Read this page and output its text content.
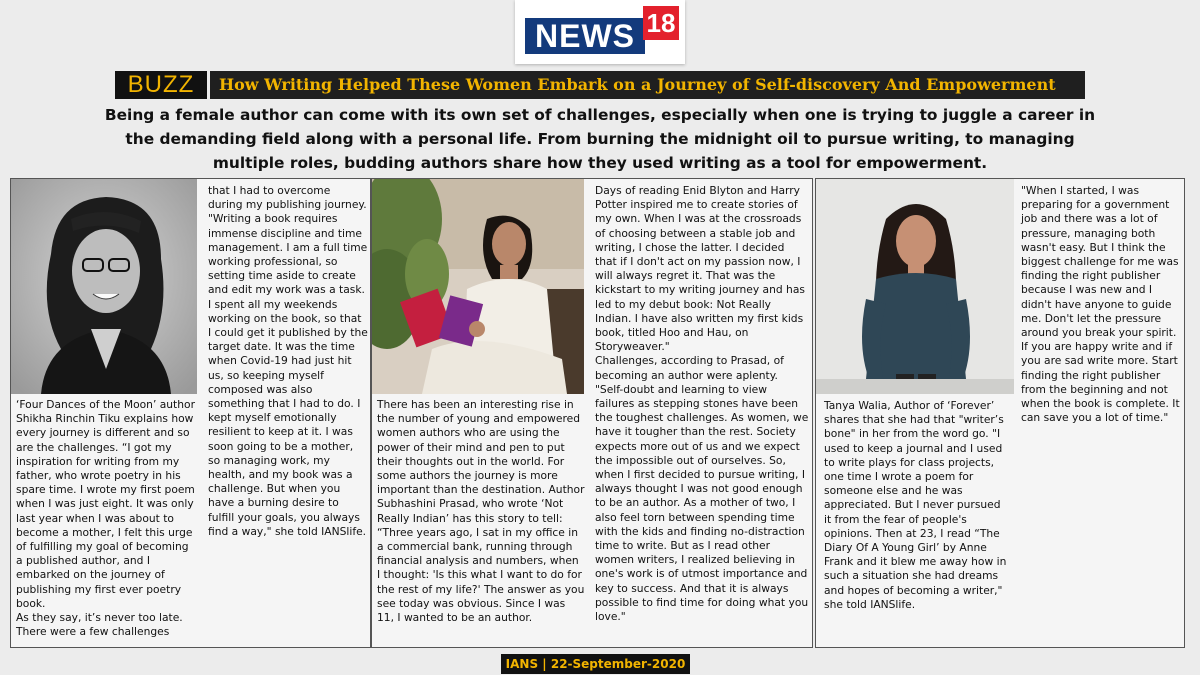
NEWS 18
BUZZ	How Writing Helped These Women Embark on a Journey of Self-discovery And Empowerment
Being a female author can come with its own set of challenges, especially when one is trying to juggle a career in the demanding field along with a personal life. From burning the midnight oil to pursue writing, to managing multiple roles, budding authors share how they used writing as a tool for empowerment.
‘Four Dances of the Moon’ author Shikha Rinchin Tiku explains how every journey is different and so are the challenges. “I got my inspiration for writing from my father, who wrote poetry in his spare time. I wrote my first poem when I was just eight. It was only last year when I was about to become a mother, I felt this urge of fulfilling my goal of becoming a published author, and I embarked on the journey of publishing my first ever poetry book.
As they say, it’s never too late. There were a few challenges
that I had to overcome during my publishing journey.
"Writing a book requires immense discipline and time management. I am a full time working professional, so setting time aside to create and edit my work was a task. I spent all my weekends working on the book, so that I could get it published by the target date. It was the time when Covid-19 had just hit us, so keeping myself composed was also something that I had to do. I kept myself emotionally resilient to keep at it. I was soon going to be a mother, so managing work, my health, and my book was a challenge. But when you have a burning desire to fulfill your goals, you always find a way," she told IANSlife.
There has been an interesting rise in the number of young and empowered women authors who are using the power of their mind and pen to put their thoughts out in the world. For some authors the journey is more important than the destination. Author Subhashini Prasad, who wrote ‘Not Really Indian’ has this story to tell:
“Three years ago, I sat in my office in a commercial bank, running through financial analysis and numbers, when I thought: 'Is this what I want to do for the rest of my life?' The answer as you see today was obvious. Since I was 11, I wanted to be an author.
Days of reading Enid Blyton and Harry Potter inspired me to create stories of my own. When I was at the crossroads of choosing between a stable job and writing, I chose the latter. I decided that if I don't act on my passion now, I will always regret it. That was the kickstart to my writing journey and has led to my debut book: Not Really Indian. I have also written my first kids book, titled Hoo and Hau, on Storyweaver."
Challenges, according to Prasad, of becoming an author were aplenty. "Self-doubt and learning to view failures as stepping stones have been the toughest challenges. As women, we have it tougher than the rest. Society expects more out of us and we expect the impossible out of ourselves. So, when I first decided to pursue writing, I always thought I was not good enough to be an author. As a mother of two, I also feel torn between spending time with the kids and finding no-distraction time to write. But as I read other women writers, I realized believing in one's work is of utmost importance and key to success. And that it is always possible to find time for doing what you love."
Tanya Walia, Author of ‘Forever’ shares that she had that "writer’s bone" in her from the word go. "I used to keep a journal and I used to write plays for class projects, one time I wrote a poem for someone else and he was appreciated. But I never pursued it from the fear of people's opinions. Then at 23, I read “The Diary Of A Young Girl’ by Anne Frank and it blew me away how in such a situation she had dreams and hopes of becoming a writer," she told IANSlife.
"When I started, I was preparing for a government job and there was a lot of pressure, managing both wasn't easy. But I think the biggest challenge for me was finding the right publisher because I was new and I didn't have anyone to guide me. Don't let the pressure around you break your spirit. If you are happy write and if you are sad write more. Start finding the right publisher from the beginning and not when the book is complete. It can save you a lot of time."
IANS | 22-September-2020
